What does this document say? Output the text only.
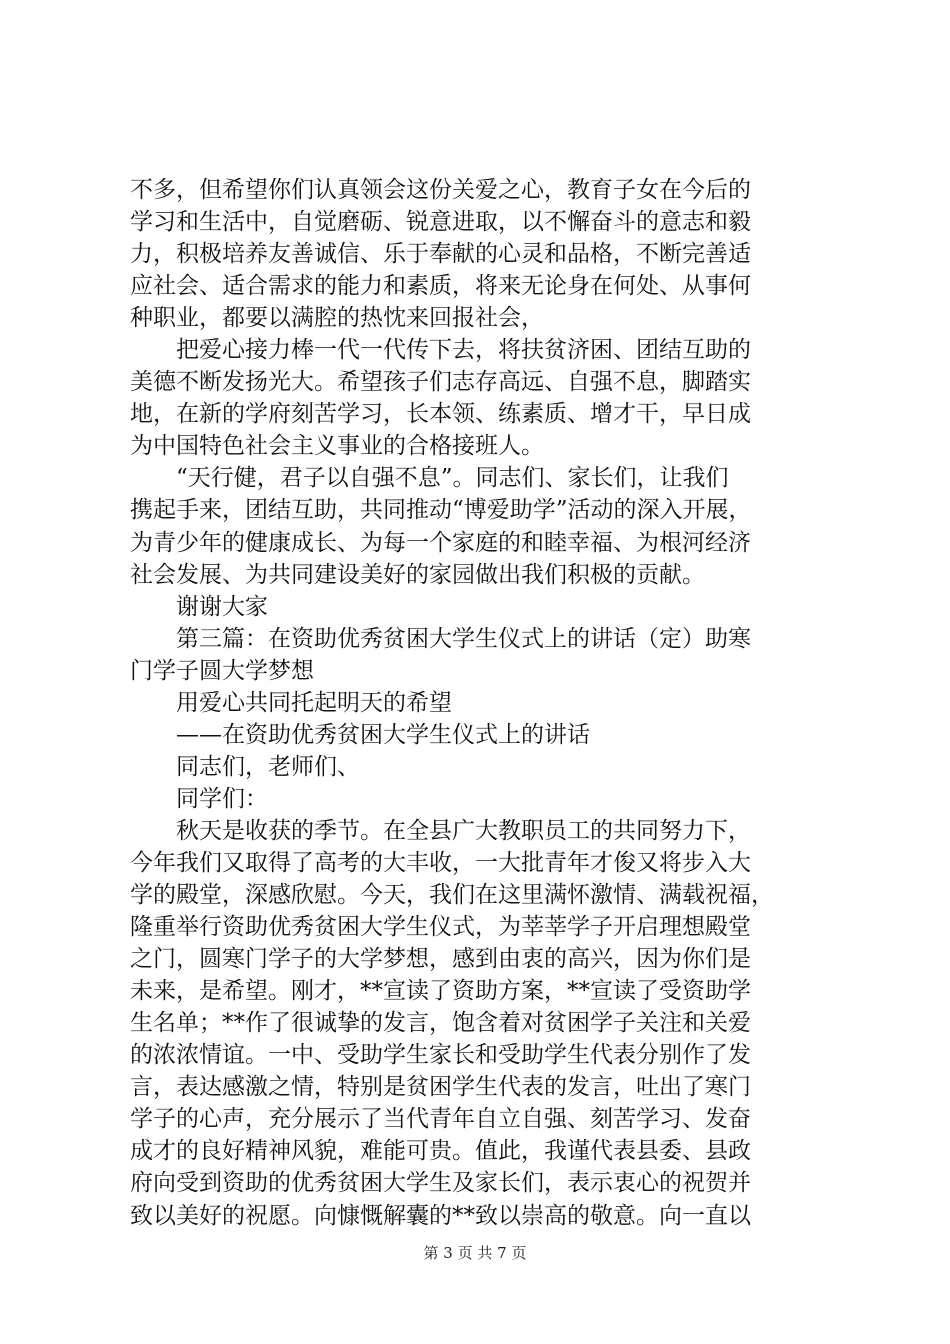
不多，但希望你们认真领会这份关爱之心，教育子女在今后的
学习和生活中，自觉磨砺、锐意进取，以不懈奋斗的意志和毅
力，积极培养友善诚信、乐于奉献的心灵和品格，不断完善适
应社会、适合需求的能力和素质，将来无论身在何处、从事何
种职业，都要以满腔的热忱来回报社会，
　　把爱心接力棒一代一代传下去，将扶贫济困、团结互助的
美德不断发扬光大。希望孩子们志存高远、自强不息，脚踏实
地，在新的学府刻苦学习，长本领、练素质、增才干，早日成
为中国特色社会主义事业的合格接班人。
　　“天行健，君子以自强不息”。同志们、家长们，让我们
携起手来，团结互助，共同推动“博爱助学”活动的深入开展，
为青少年的健康成长、为每一个家庭的和睦幸福、为根河经济
社会发展、为共同建设美好的家园做出我们积极的贡献。
　　谢谢大家
　　第三篇：在资助优秀贫困大学生仪式上的讲话（定）助寒
门学子圆大学梦想
　　用爱心共同托起明天的希望
　　——在资助优秀贫困大学生仪式上的讲话
　　同志们，老师们、
　　同学们：
　　秋天是收获的季节。在全县广大教职员工的共同努力下，
今年我们又取得了高考的大丰收，一大批青年才俊又将步入大
学的殿堂，深感欣慰。今天，我们在这里满怀激情、满载祝福，
隆重举行资助优秀贫困大学生仪式，为莘莘学子开启理想殿堂
之门，圆寒门学子的大学梦想，感到由衷的高兴，因为你们是
未来，是希望。刚才，**宣读了资助方案，**宣读了受资助学
生名单；**作了很诚挚的发言，饱含着对贫困学子关注和关爱
的浓浓情谊。一中、受助学生家长和受助学生代表分别作了发
言，表达感激之情，特别是贫困学生代表的发言，吐出了寒门
学子的心声，充分展示了当代青年自立自强、刻苦学习、发奋
成才的良好精神风貌，难能可贵。值此，我谨代表县委、县政
府向受到资助的优秀贫困大学生及家长们，表示衷心的祝贺并
致以美好的祝愿。向慷慨解囊的**致以崇高的敬意。向一直以
第 3 页 共 7 页
